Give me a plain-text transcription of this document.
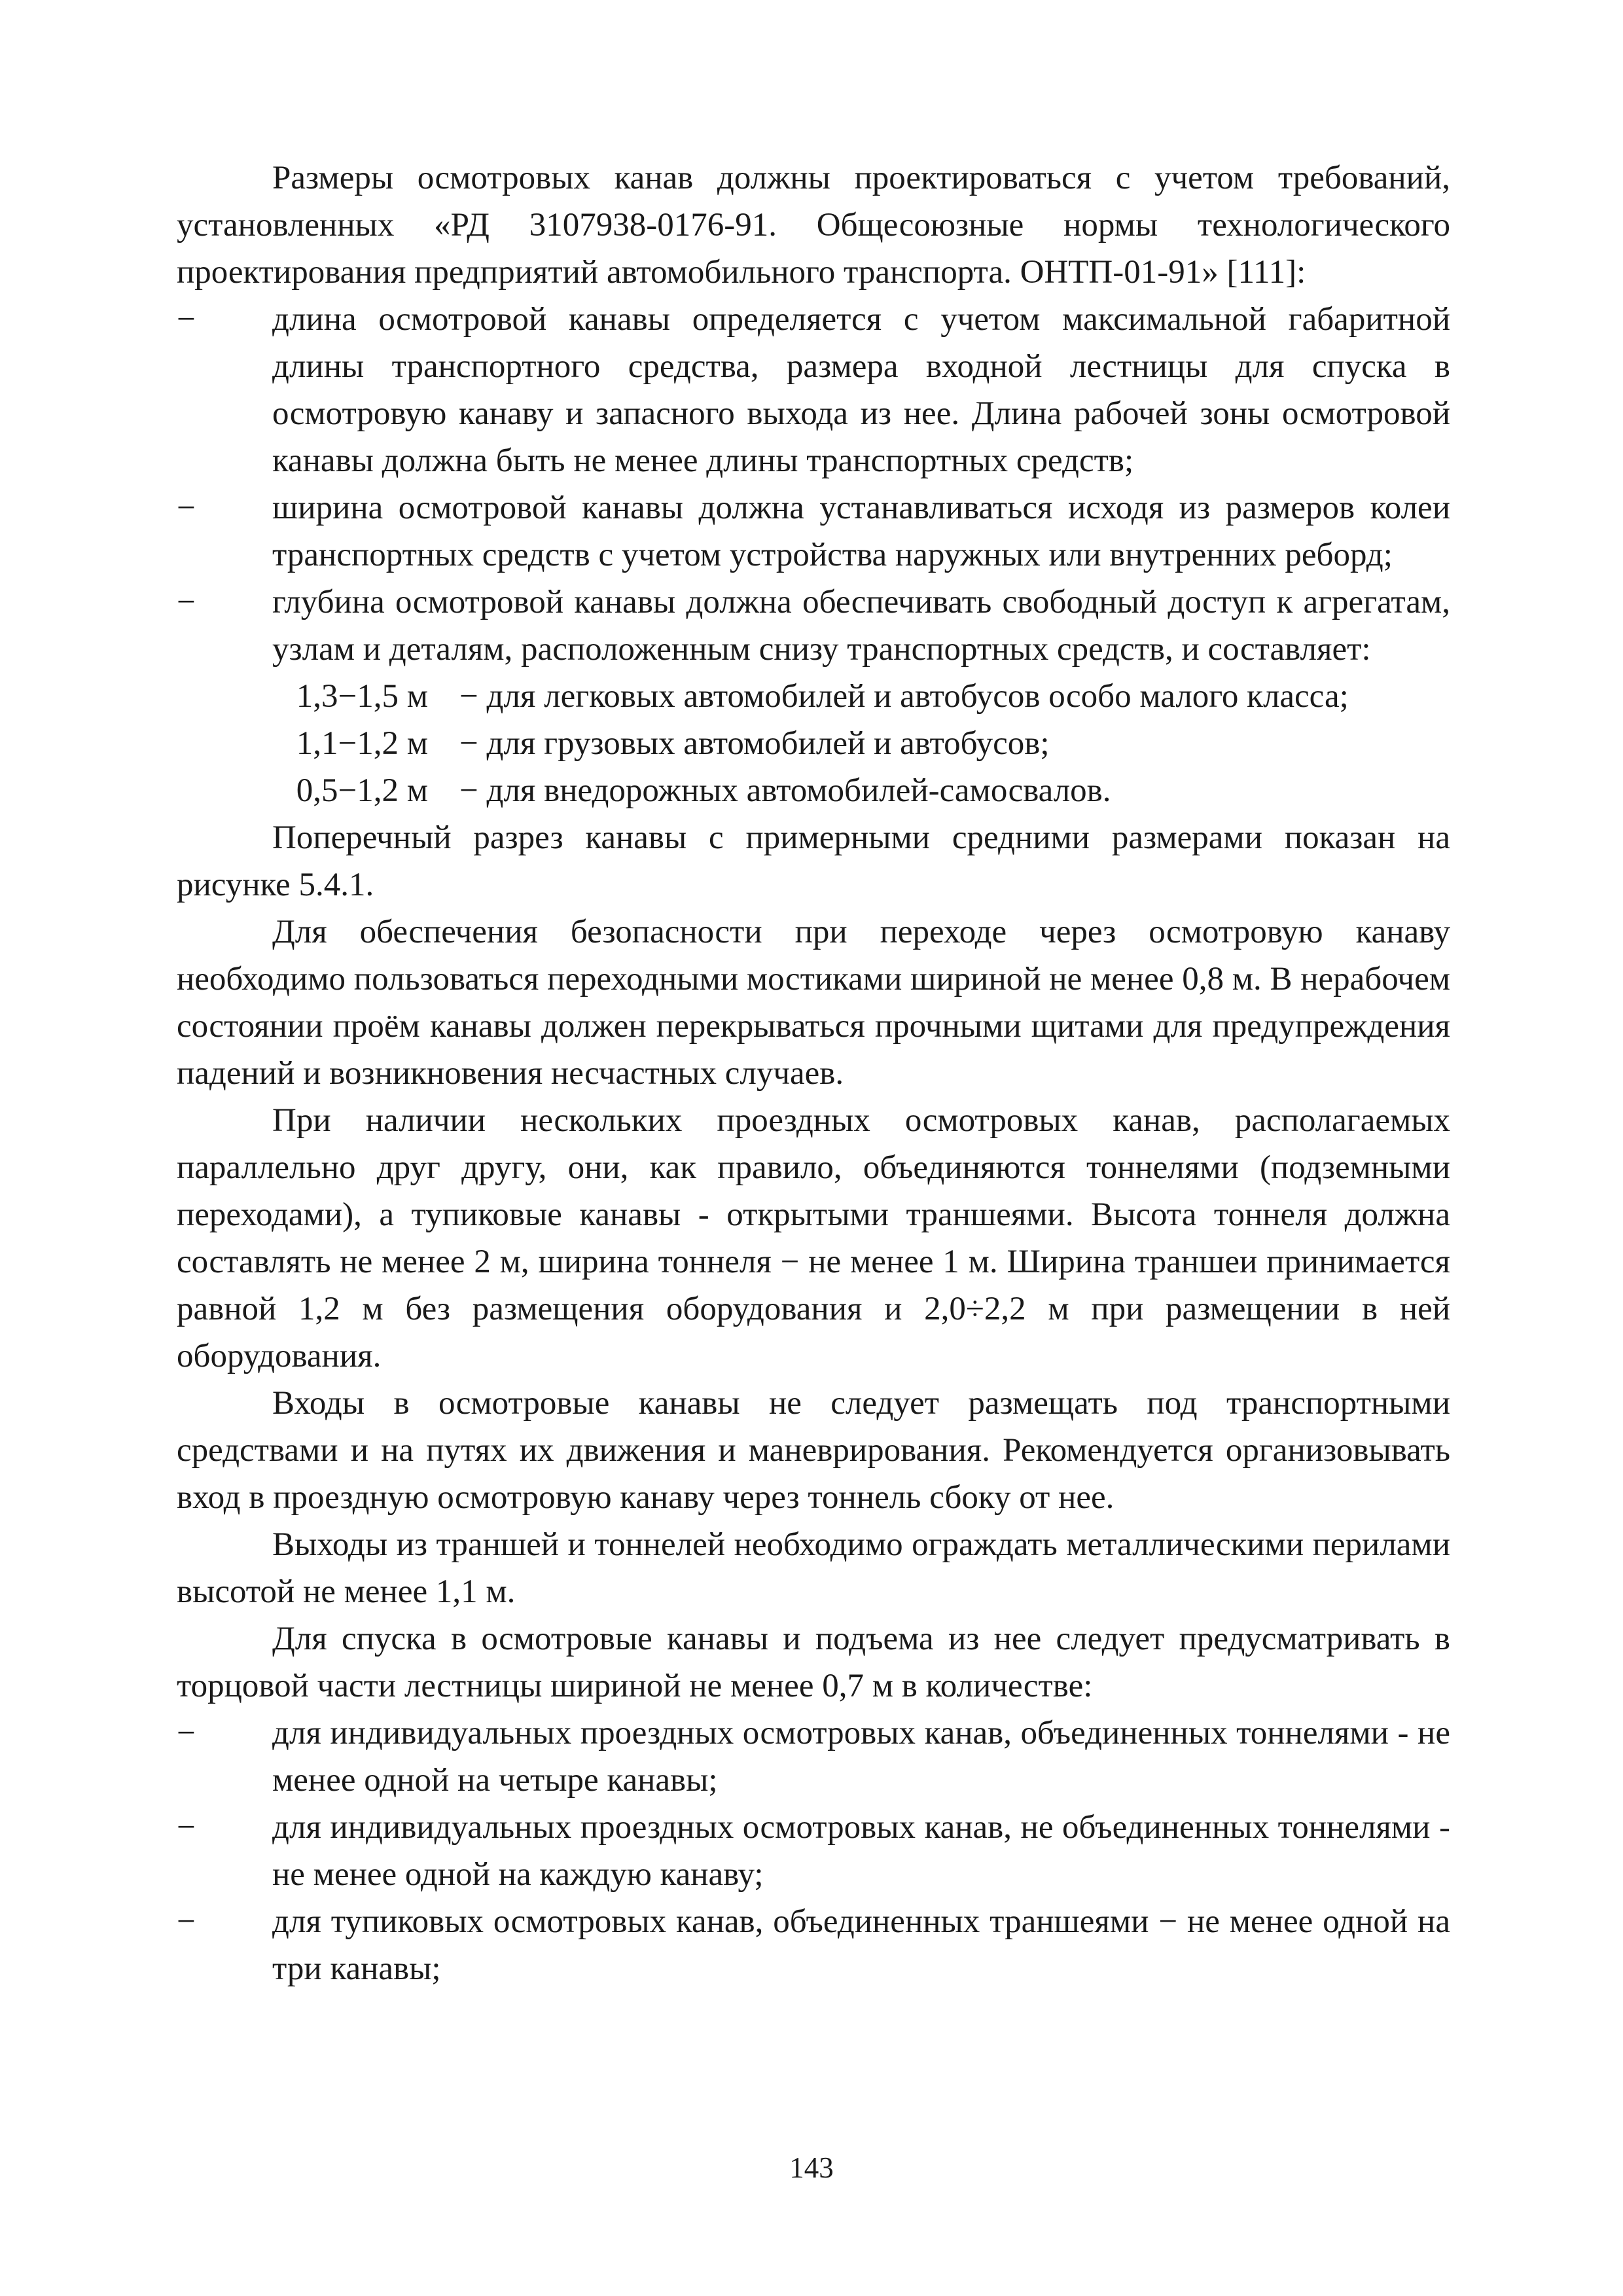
Размеры осмотровых канав должны проектироваться с учетом требований, установленных «РД 3107938-0176-91. Общесоюзные нормы технологического проектирования предприятий автомобильного транспорта. ОНТП-01-91» [111]:

− длина осмотровой канавы определяется с учетом максимальной габаритной длины транспортного средства, размера входной лестницы для спуска в осмотровую канаву и запасного выхода из нее. Длина рабочей зоны осмотровой канавы должна быть не менее длины транспортных средств;
− ширина осмотровой канавы должна устанавливаться исходя из размеров колеи транспортных средств с учетом устройства наружных или внутренних реборд;
− глубина осмотровой канавы должна обеспечивать свободный доступ к агрегатам, узлам и деталям, расположенным снизу транспортных средств, и составляет:
1,3−1,5 м − для легковых автомобилей и автобусов особо малого класса;
1,1−1,2 м − для грузовых автомобилей и автобусов;
0,5−1,2 м − для внедорожных автомобилей-самосвалов.

Поперечный разрез канавы с примерными средними размерами показан на рисунке 5.4.1.

Для обеспечения безопасности при переходе через осмотровую канаву необходимо пользоваться переходными мостиками шириной не менее 0,8 м. В нерабочем состоянии проём канавы должен перекрываться прочными щитами для предупреждения падений и возникновения несчастных случаев.

При наличии нескольких проездных осмотровых канав, располагаемых параллельно друг другу, они, как правило, объединяются тоннелями (подземными переходами), а тупиковые канавы - открытыми траншеями. Высота тоннеля должна составлять не менее 2 м, ширина тоннеля − не менее 1 м. Ширина траншеи принимается равной 1,2 м без размещения оборудования и 2,0÷2,2 м при размещении в ней оборудования.

Входы в осмотровые канавы не следует размещать под транспортными средствами и на путях их движения и маневрирования. Рекомендуется организовывать вход в проездную осмотровую канаву через тоннель сбоку от нее.

Выходы из траншей и тоннелей необходимо ограждать металлическими перилами высотой не менее 1,1 м.

Для спуска в осмотровые канавы и подъема из нее следует предусматривать в торцовой части лестницы шириной не менее 0,7 м в количестве:

− для индивидуальных проездных осмотровых канав, объединенных тоннелями - не менее одной на четыре канавы;
− для индивидуальных проездных осмотровых канав, не объединенных тоннелями - не менее одной на каждую канаву;
− для тупиковых осмотровых канав, объединенных траншеями − не менее одной на три канавы;
143
